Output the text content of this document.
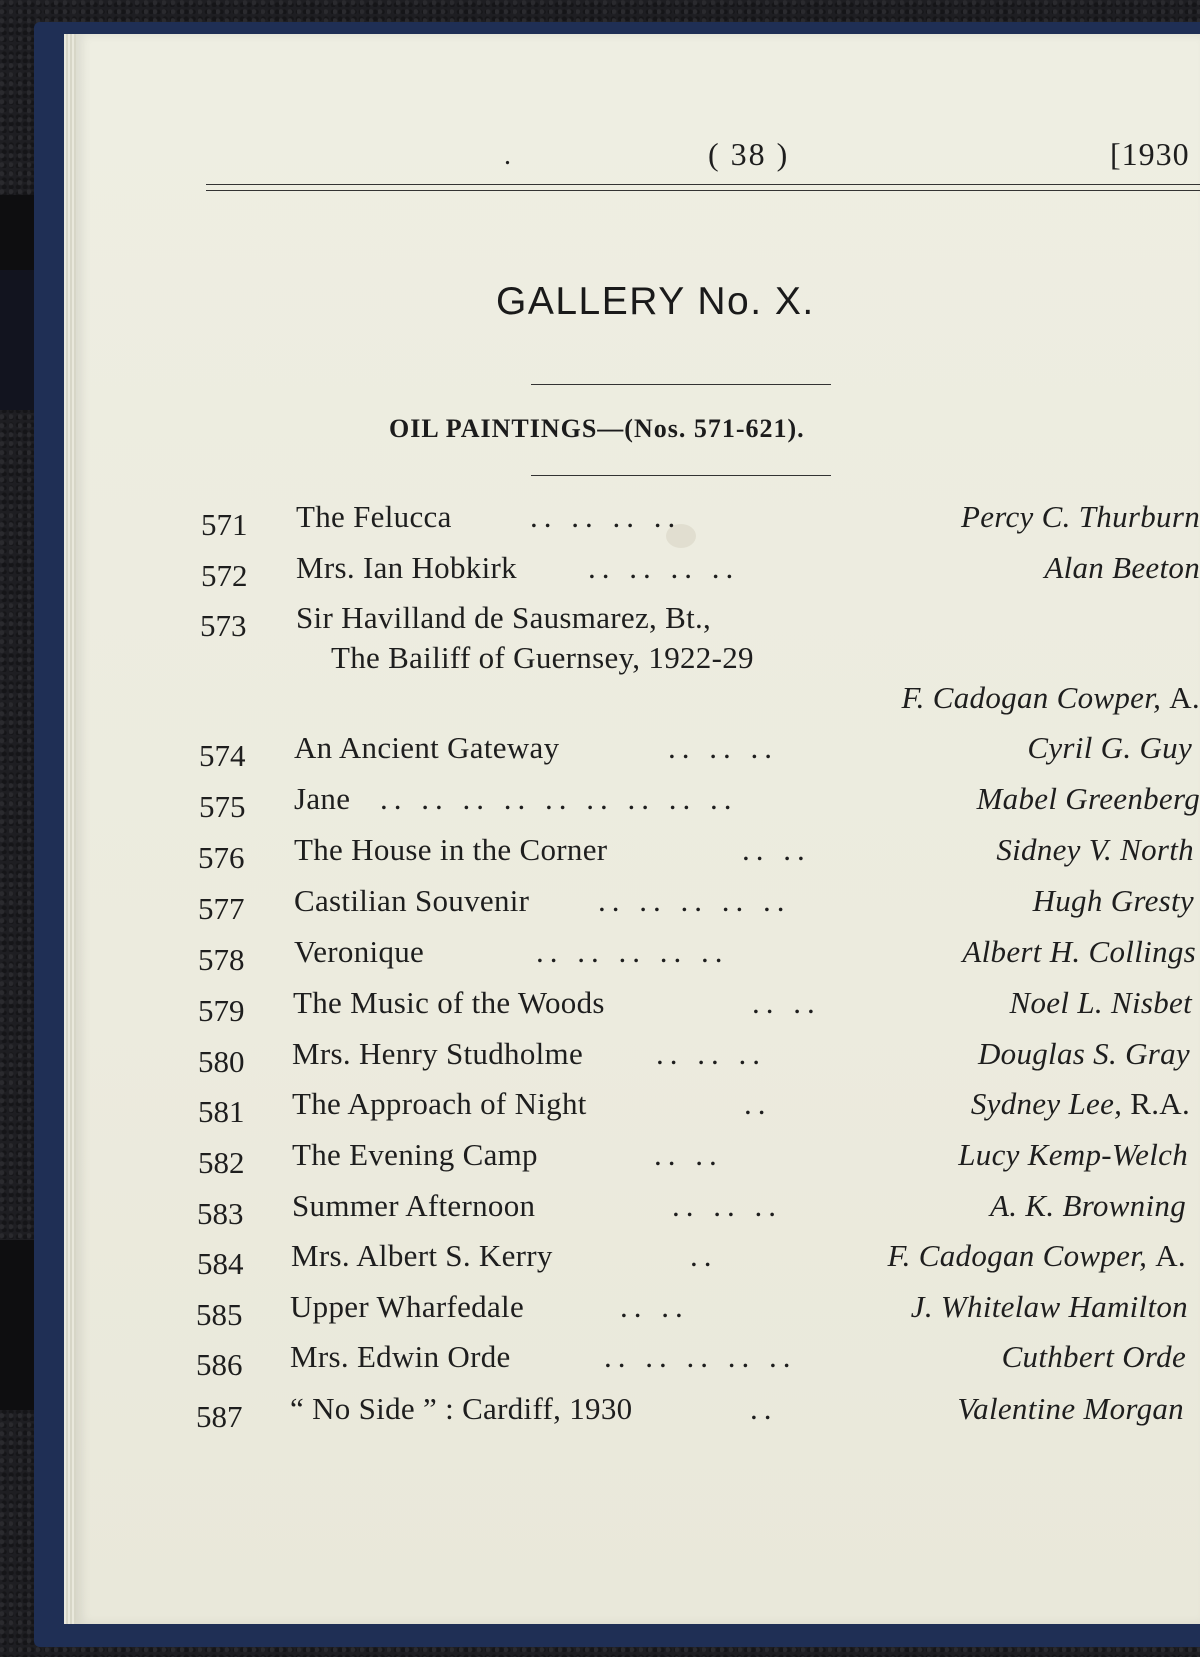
.	( 38 )	[1930
GALLERY No. X.
OIL PAINTINGS—(Nos. 571-621).
571 The Felucca	.. .. .. ..	Percy C. Thurburn
572 Mrs. Ian Hobkirk .. .. .. ..	Alan Beeton
573 Sir Havilland de Sausmarez, Bt.,
The Bailiff of Guernsey, 1922-29
F. Cadogan Cowper, A.
574 An Ancient Gateway	.. .. ..	Cyril G. Guy
575 Jane .. .. .. .. .. .. .. .. ..	Mabel Greenberg
576 The House in the Corner	.. ..	Sidney V. North
577 Castilian Souvenir .. .. .. .. ..	Hugh Gresty
578 Veronique	.. .. .. .. ..	Albert H. Collings
579 The Music of the Woods	.. ..	Noel L. Nisbet
580 Mrs. Henry Studholme .. .. ..	Douglas S. Gray
581 The Approach of Night	..	Sydney Lee, R.A.
582 The Evening Camp	.. ..	Lucy Kemp-Welch
583 Summer Afternoon	.. .. ..	A. K. Browning
584 Mrs. Albert S. Kerry	..	F. Cadogan Cowper, A.
585 Upper Wharfedale	.. ..	J. Whitelaw Hamilton
586 Mrs. Edwin Orde	.. .. .. .. ..	Cuthbert Orde
587 “ No Side ” : Cardiff, 1930	..	Valentine Morgan
